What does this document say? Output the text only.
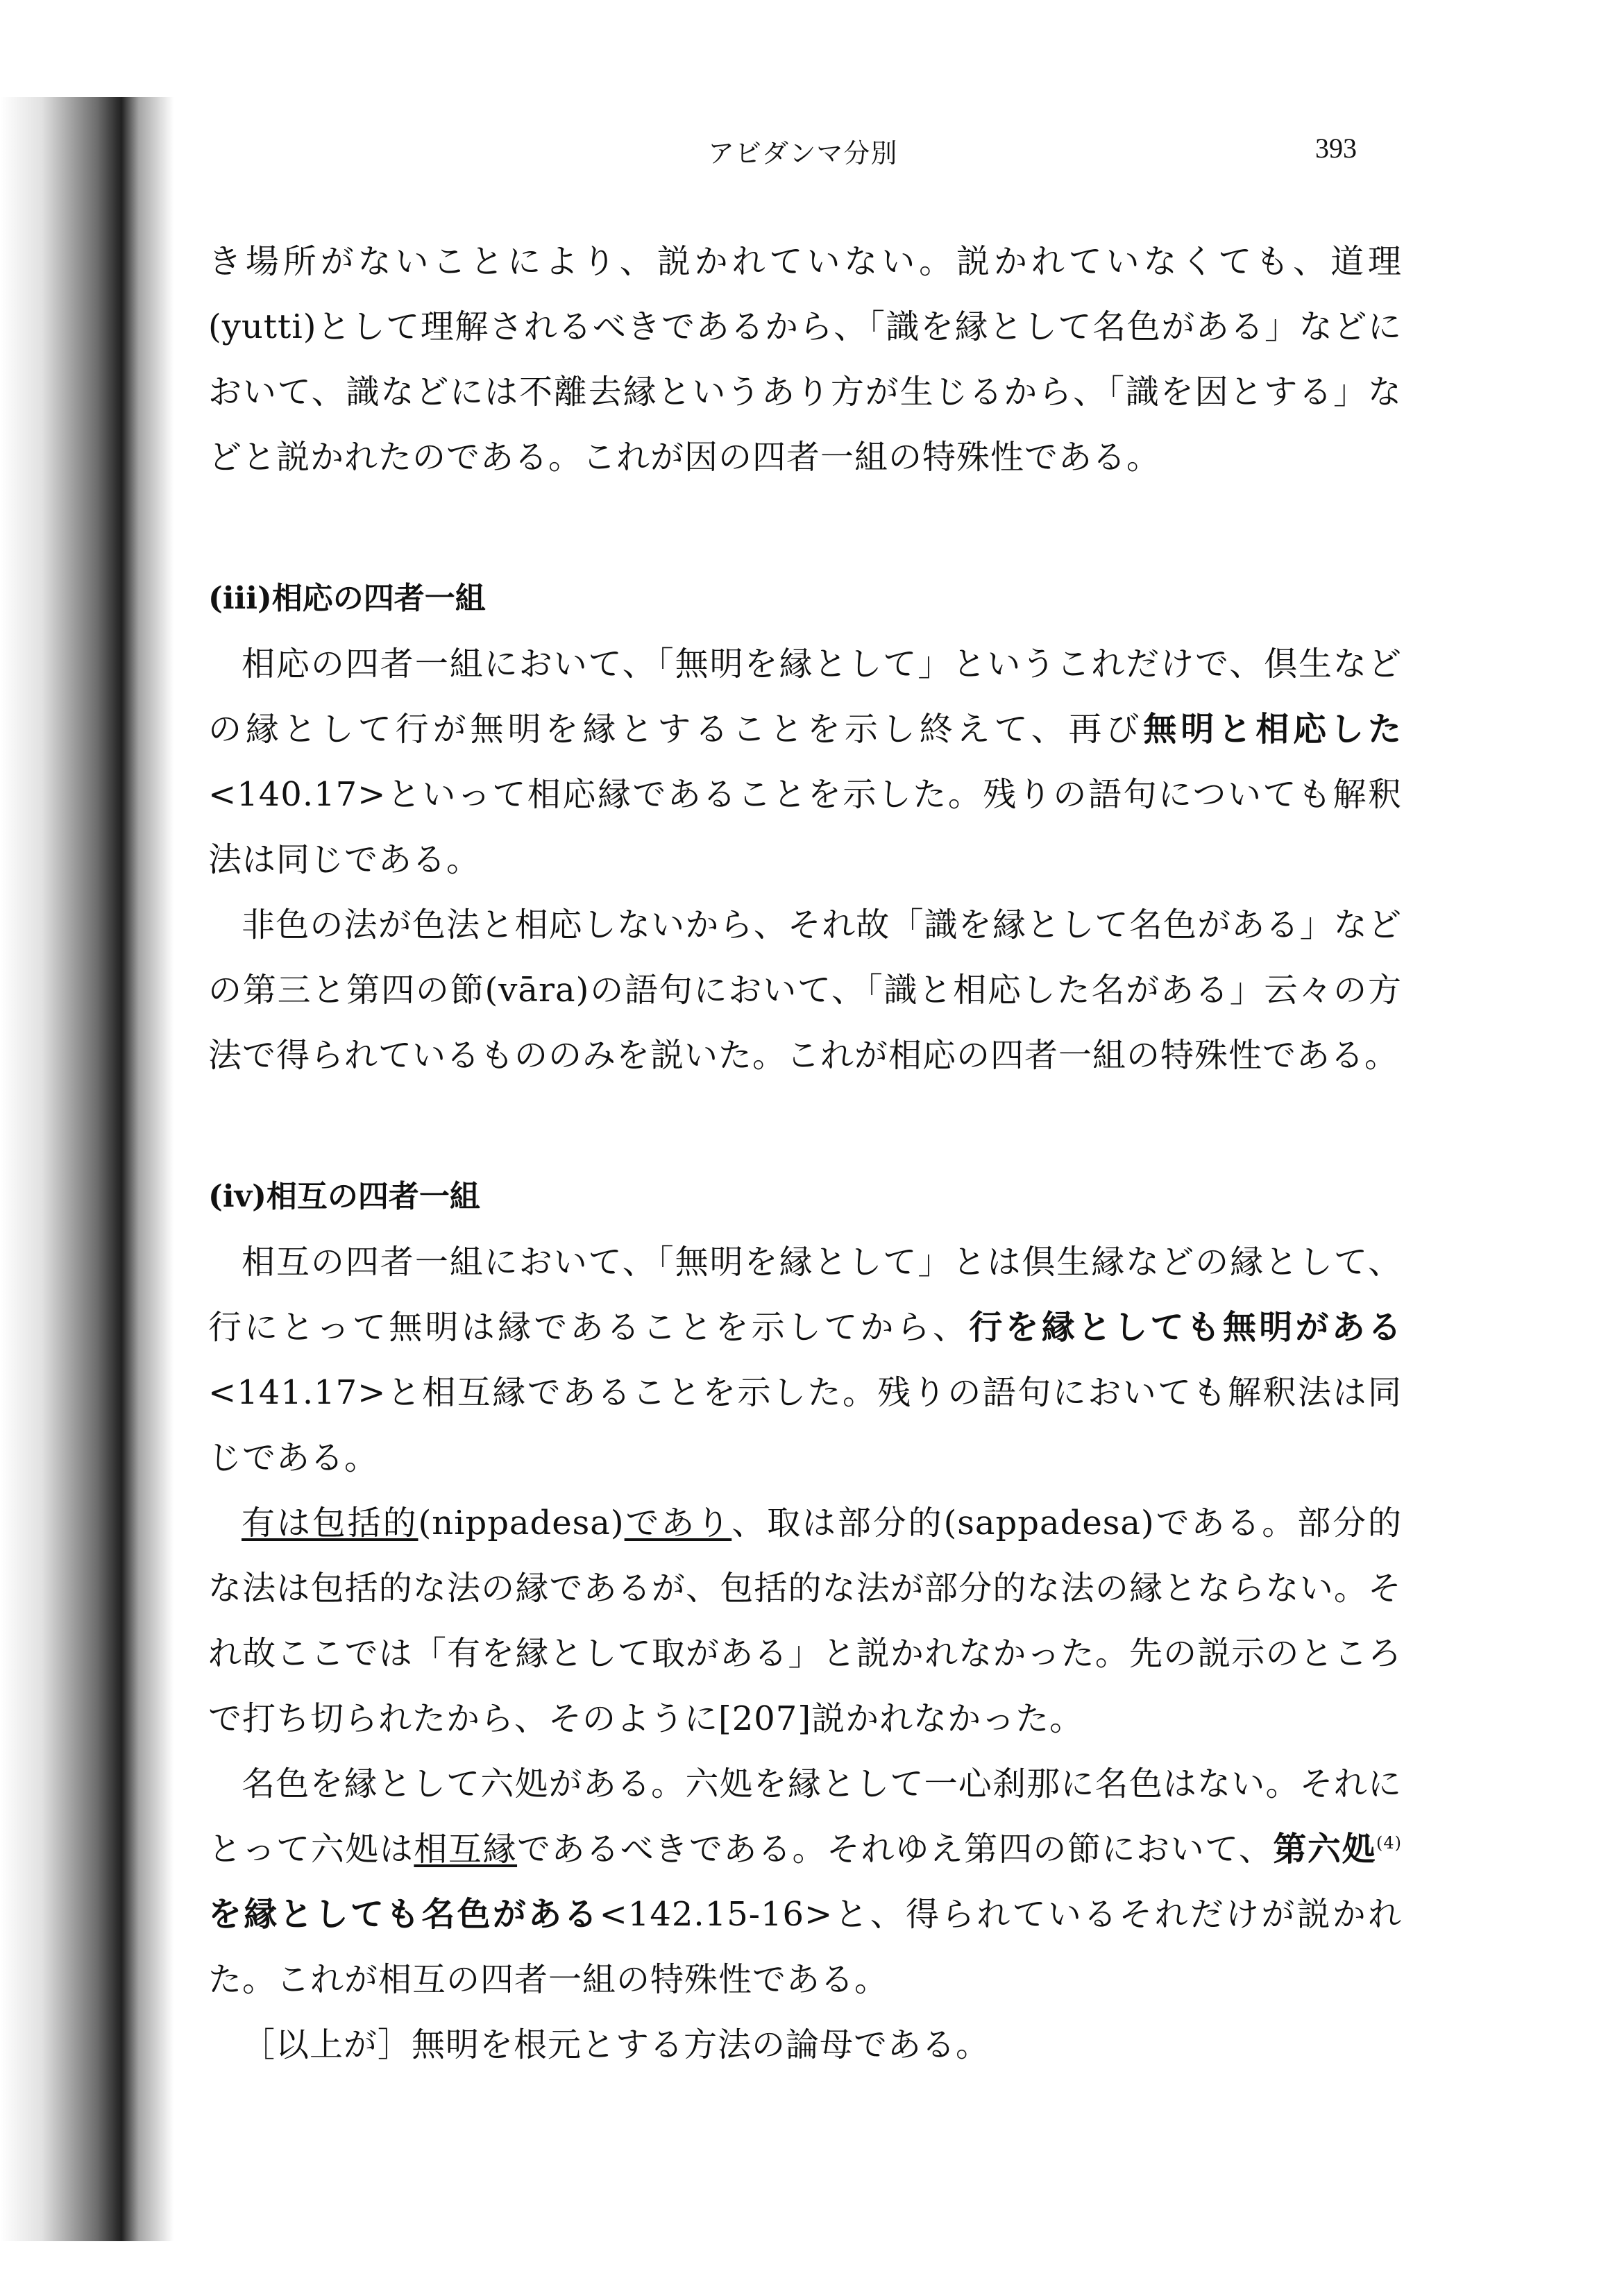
アビダンマ分別	393

き場所がないことにより、説かれていない。説かれていなくても、道理(yutti)として理解されるべきであるから、「識を縁として名色がある」などにおいて、識などには不離去縁というあり方が生じるから、「識を因とする」などと説かれたのである。これが因の四者一組の特殊性である。

(iii)相応の四者一組

相応の四者一組において、「無明を縁として」というこれだけで、倶生などの縁として行が無明を縁とすることを示し終えて、再び無明と相応した<140.17>といって相応縁であることを示した。残りの語句についても解釈法は同じである。

非色の法が色法と相応しないから、それ故「識を縁として名色がある」などの第三と第四の節(vāra)の語句において、「識と相応した名がある」云々の方法で得られているもののみを説いた。これが相応の四者一組の特殊性である。

(iv)相互の四者一組

相互の四者一組において、「無明を縁として」とは倶生縁などの縁として、行にとって無明は縁であることを示してから、行を縁としても無明がある<141.17>と相互縁であることを示した。残りの語句においても解釈法は同じである。

有は包括的(nippadesa)であり、取は部分的(sappadesa)である。部分的な法は包括的な法の縁であるが、包括的な法が部分的な法の縁とならない。それ故ここでは「有を縁として取がある」と説かれなかった。先の説示のところで打ち切られたから、そのように[207]説かれなかった。

名色を縁として六処がある。六処を縁として一心刹那に名色はない。それにとって六処は相互縁であるべきである。それゆえ第四の節において、第六処$^{(4)}$を縁としても名色がある<142.15-16>と、得られているそれだけが説かれた。これが相互の四者一組の特殊性である。

［以上が］無明を根元とする方法の論母である。
